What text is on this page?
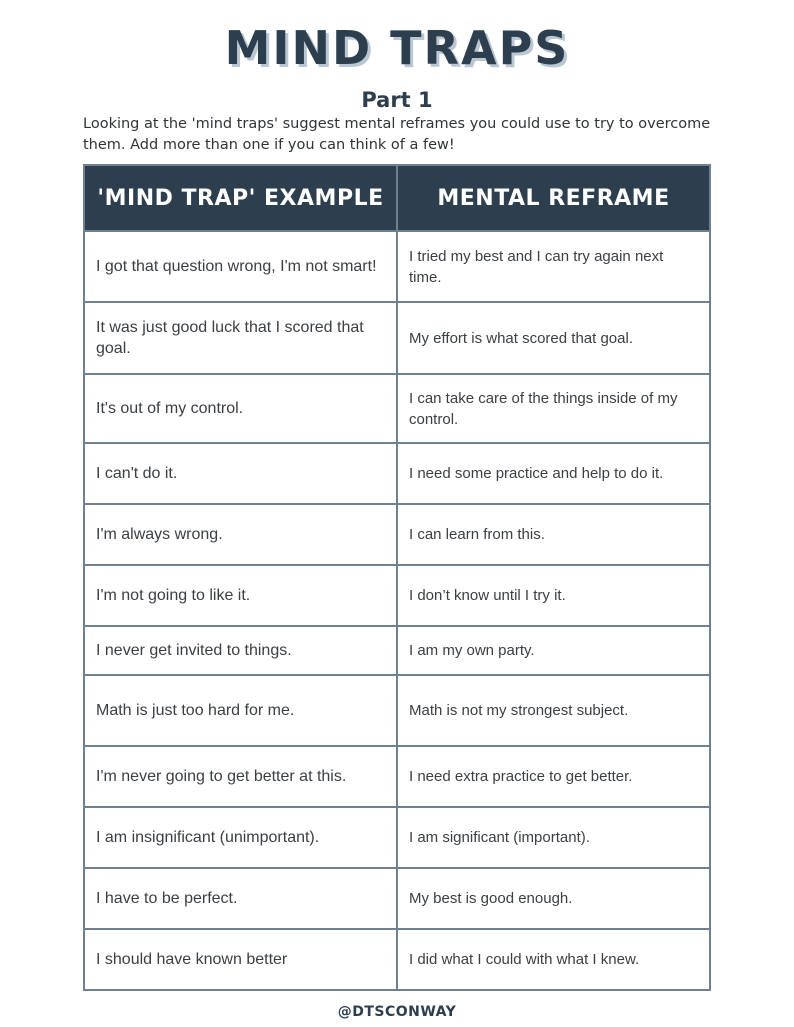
MIND TRAPS
Part 1
Looking at the 'mind traps' suggest mental reframes you could use to try to overcome them. Add more than one if you can think of a few!
'MIND TRAP' EXAMPLE	MENTAL REFRAME
I got that question wrong, I'm not smart!	I tried my best and I can try again next time.
It was just good luck that I scored that goal.	My effort is what scored that goal.
It's out of my control.	I can take care of the things inside of my control.
I can't do it.	I need some practice and help to do it.
I'm always wrong.	I can learn from this.
I'm not going to like it.	I don’t know until I try it.
I never get invited to things.	I am my own party.
Math is just too hard for me.	Math is not my strongest subject.
I'm never going to get better at this.	I need extra practice to get better.
I am insignificant (unimportant).	I am significant (important).
I have to be perfect.	My best is good enough.
I should have known better	I did what I could with what I knew.
@DTSCONWAY
